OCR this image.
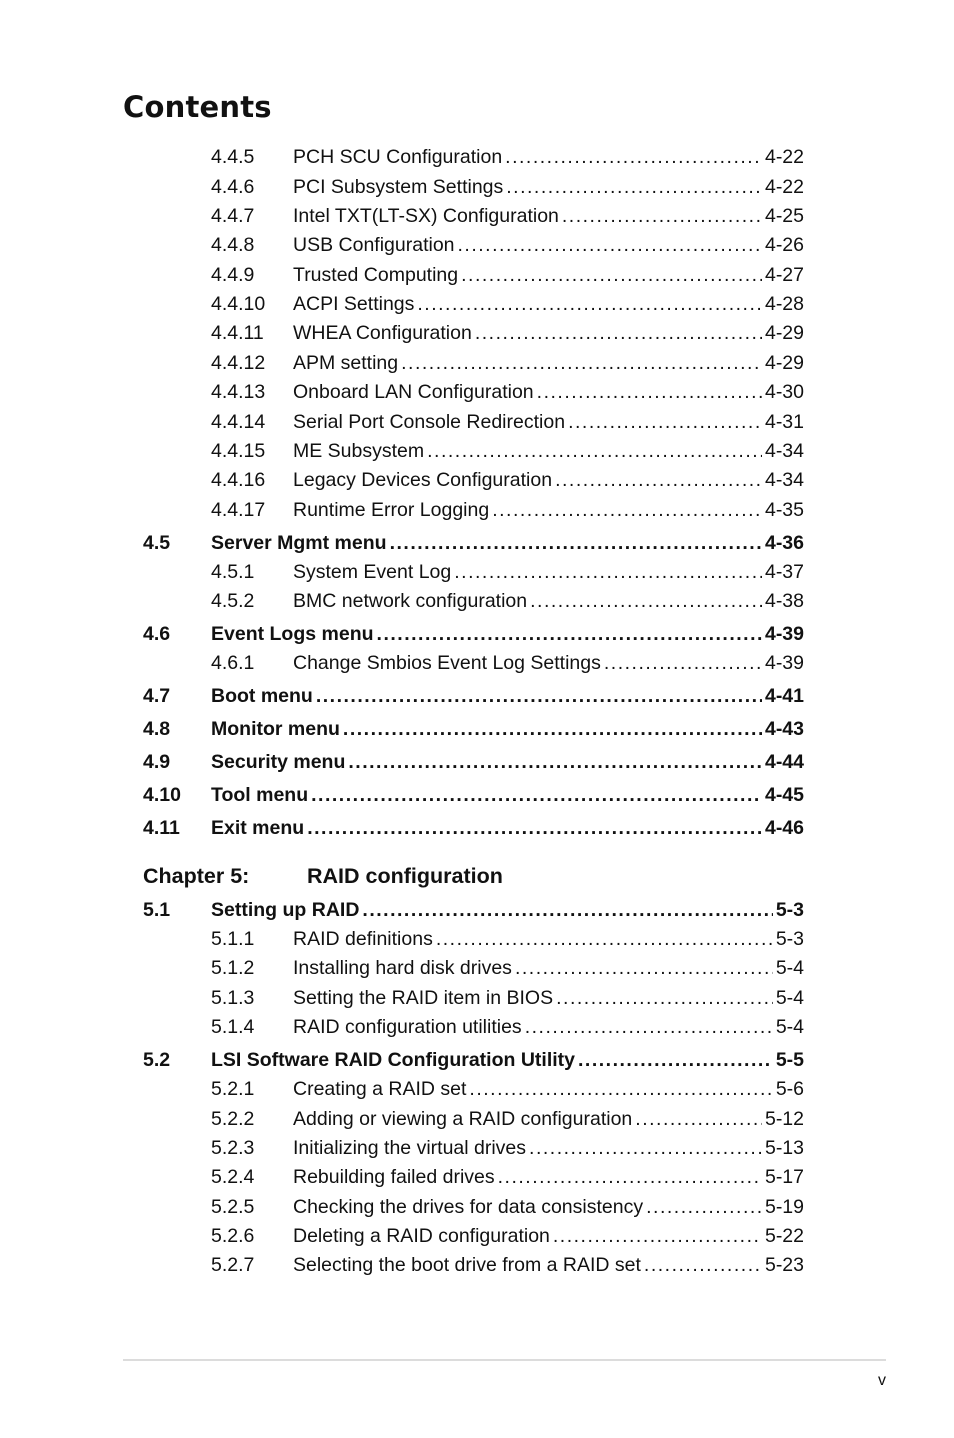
Contents
4.4.5	PCH SCU Configuration .....	4-22
4.4.6	PCI Subsystem Settings .....	4-22
4.4.7	Intel TXT(LT-SX) Configuration .....	4-25
4.4.8	USB Configuration .....	4-26
4.4.9	Trusted Computing .....	4-27
4.4.10	ACPI Settings .....	4-28
4.4.11	WHEA Configuration .....	4-29
4.4.12	APM setting .....	4-29
4.4.13	Onboard LAN Configuration .....	4-30
4.4.14	Serial Port Console Redirection .....	4-31
4.4.15	ME Subsystem .....	4-34
4.4.16	Legacy Devices Configuration .....	4-34
4.4.17	Runtime Error Logging .....	4-35
4.5	Server Mgmt menu .....	4-36
4.5.1	System Event Log .....	4-37
4.5.2	BMC network configuration .....	4-38
4.6	Event Logs menu .....	4-39
4.6.1	Change Smbios Event Log Settings .....	4-39
4.7	Boot menu .....	4-41
4.8	Monitor menu .....	4-43
4.9	Security menu .....	4-44
4.10	Tool menu .....	4-45
4.11	Exit menu .....	4-46
Chapter 5:	RAID configuration
5.1	Setting up RAID .....	5-3
5.1.1	RAID definitions .....	5-3
5.1.2	Installing hard disk drives .....	5-4
5.1.3	Setting the RAID item in BIOS .....	5-4
5.1.4	RAID configuration utilities .....	5-4
5.2	LSI Software RAID Configuration Utility .....	5-5
5.2.1	Creating a RAID set .....	5-6
5.2.2	Adding or viewing a RAID configuration .....	5-12
5.2.3	Initializing the virtual drives .....	5-13
5.2.4	Rebuilding failed drives .....	5-17
5.2.5	Checking the drives for data consistency .....	5-19
5.2.6	Deleting a RAID configuration .....	5-22
5.2.7	Selecting the boot drive from a RAID set .....	5-23
v
